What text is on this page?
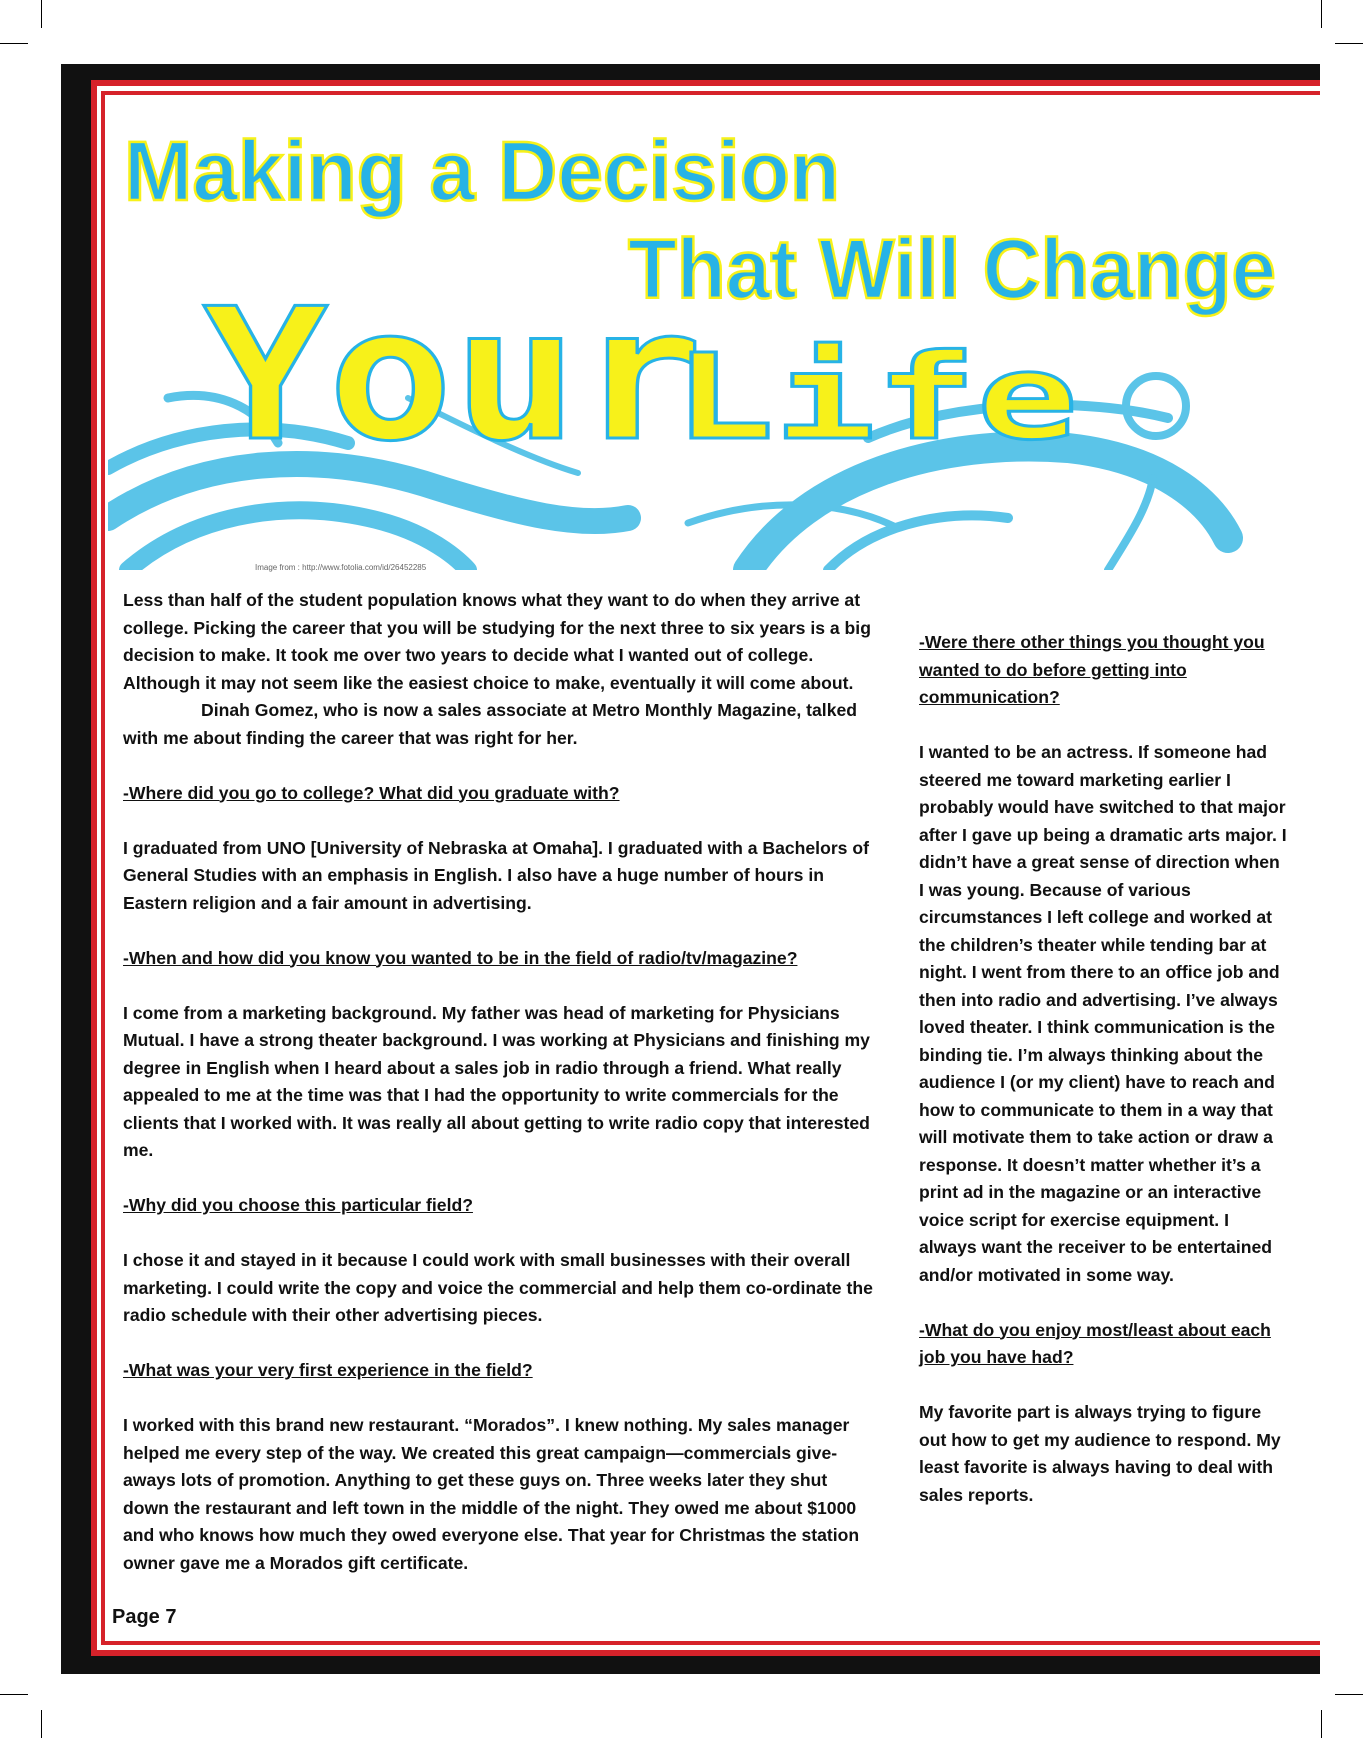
Making a Decision
That Will Change
Your
Life
Image from : http://www.fotolia.com/id/26452285

Less than half of the student population knows what they want to do when they arrive at college. Picking the career that you will be studying for the next three to six years is a big decision to make. It took me over two years to decide what I wanted out of college. Although it may not seem like the easiest choice to make, eventually it will come about.

Dinah Gomez, who is now a sales associate at Metro Monthly Magazine, talked with me about finding the career that was right for her.

-Where did you go to college? What did you graduate with?

I graduated from UNO [University of Nebraska at Omaha]. I graduated with a Bachelors of General Studies with an emphasis in English. I also have a huge number of hours in Eastern religion and a fair amount in advertising.

-When and how did you know you wanted to be in the field of radio/tv/magazine?

I come from a marketing background. My father was head of marketing for Physicians Mutual. I have a strong theater background. I was working at Physicians and finishing my degree in English when I heard about a sales job in radio through a friend. What really appealed to me at the time was that I had the opportunity to write commercials for the clients that I worked with. It was really all about getting to write radio copy that interested me.

-Why did you choose this particular field?

I chose it and stayed in it because I could work with small businesses with their overall marketing. I could write the copy and voice the commercial and help them co-ordinate the radio schedule with their other advertising pieces.

-What was your very first experience in the field?

I worked with this brand new restaurant. “Morados”. I knew nothing. My sales manager helped me every step of the way. We created this great campaign—commercials give-aways lots of promotion. Anything to get these guys on. Three weeks later they shut down the restaurant and left town in the middle of the night. They owed me about $1000 and who knows how much they owed everyone else. That year for Christmas the station owner gave me a Morados gift certificate.

-Were there other things you thought you wanted to do before getting into communication?

I wanted to be an actress. If someone had steered me toward marketing earlier I probably would have switched to that major after I gave up being a dramatic arts major. I didn’t have a great sense of direction when I was young. Because of various circumstances I left college and worked at the children’s theater while tending bar at night. I went from there to an office job and then into radio and advertising. I’ve always loved theater. I think communication is the binding tie. I’m always thinking about the audience I (or my client) have to reach and how to communicate to them in a way that will motivate them to take action or draw a response. It doesn’t matter whether it’s a print ad in the magazine or an interactive voice script for exercise equipment. I always want the receiver to be entertained and/or motivated in some way.

-What do you enjoy most/least about each job you have had?

My favorite part is always trying to figure out how to get my audience to respond. My least favorite is always having to deal with sales reports.

Page 7
